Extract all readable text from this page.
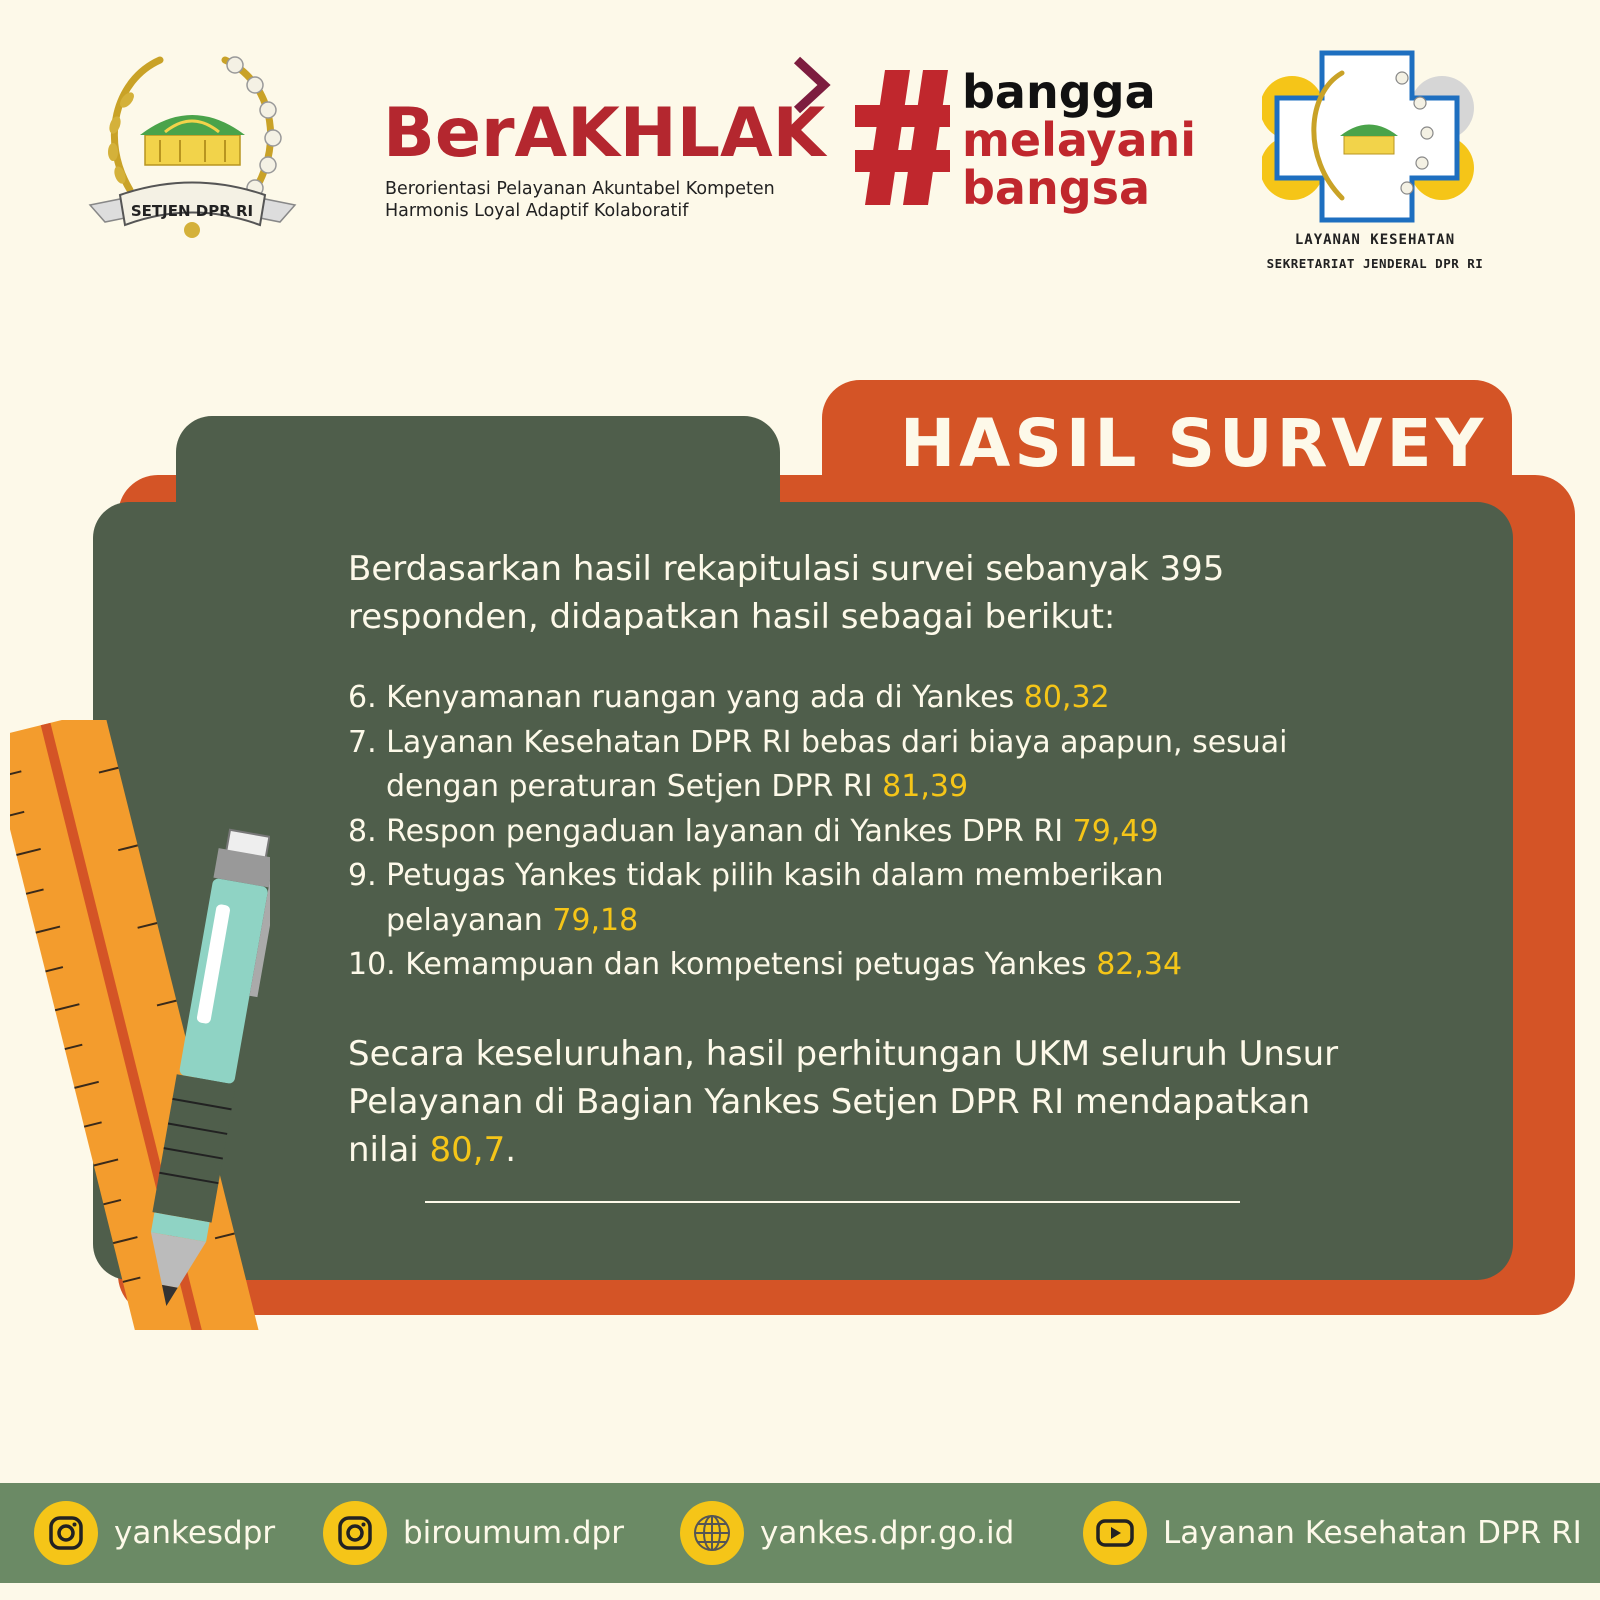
SETJEN DPR RI
BerAKHLAK
Berorientasi Pelayanan Akuntabel Kompeten
Harmonis Loyal Adaptif Kolaboratif
bangga
melayani
bangsa
LAYANAN KESEHATAN
SEKRETARIAT JENDERAL DPR RI
HASIL SURVEY
Berdasarkan hasil rekapitulasi survei sebanyak 395 responden, didapatkan hasil sebagai berikut:
6. Kenyamanan ruangan yang ada di Yankes 80,32
7. Layanan Kesehatan DPR RI bebas dari biaya apapun, sesuai
dengan peraturan Setjen DPR RI 81,39
8. Respon pengaduan layanan di Yankes DPR RI 79,49
9. Petugas Yankes tidak pilih kasih dalam memberikan
pelayanan 79,18
10. Kemampuan dan kompetensi petugas Yankes 82,34
Secara keseluruhan, hasil perhitungan UKM seluruh Unsur Pelayanan di Bagian Yankes Setjen DPR RI mendapatkan nilai 80,7.
yankesdpr	biroumum.dpr	yankes.dpr.go.id	Layanan Kesehatan DPR RI
